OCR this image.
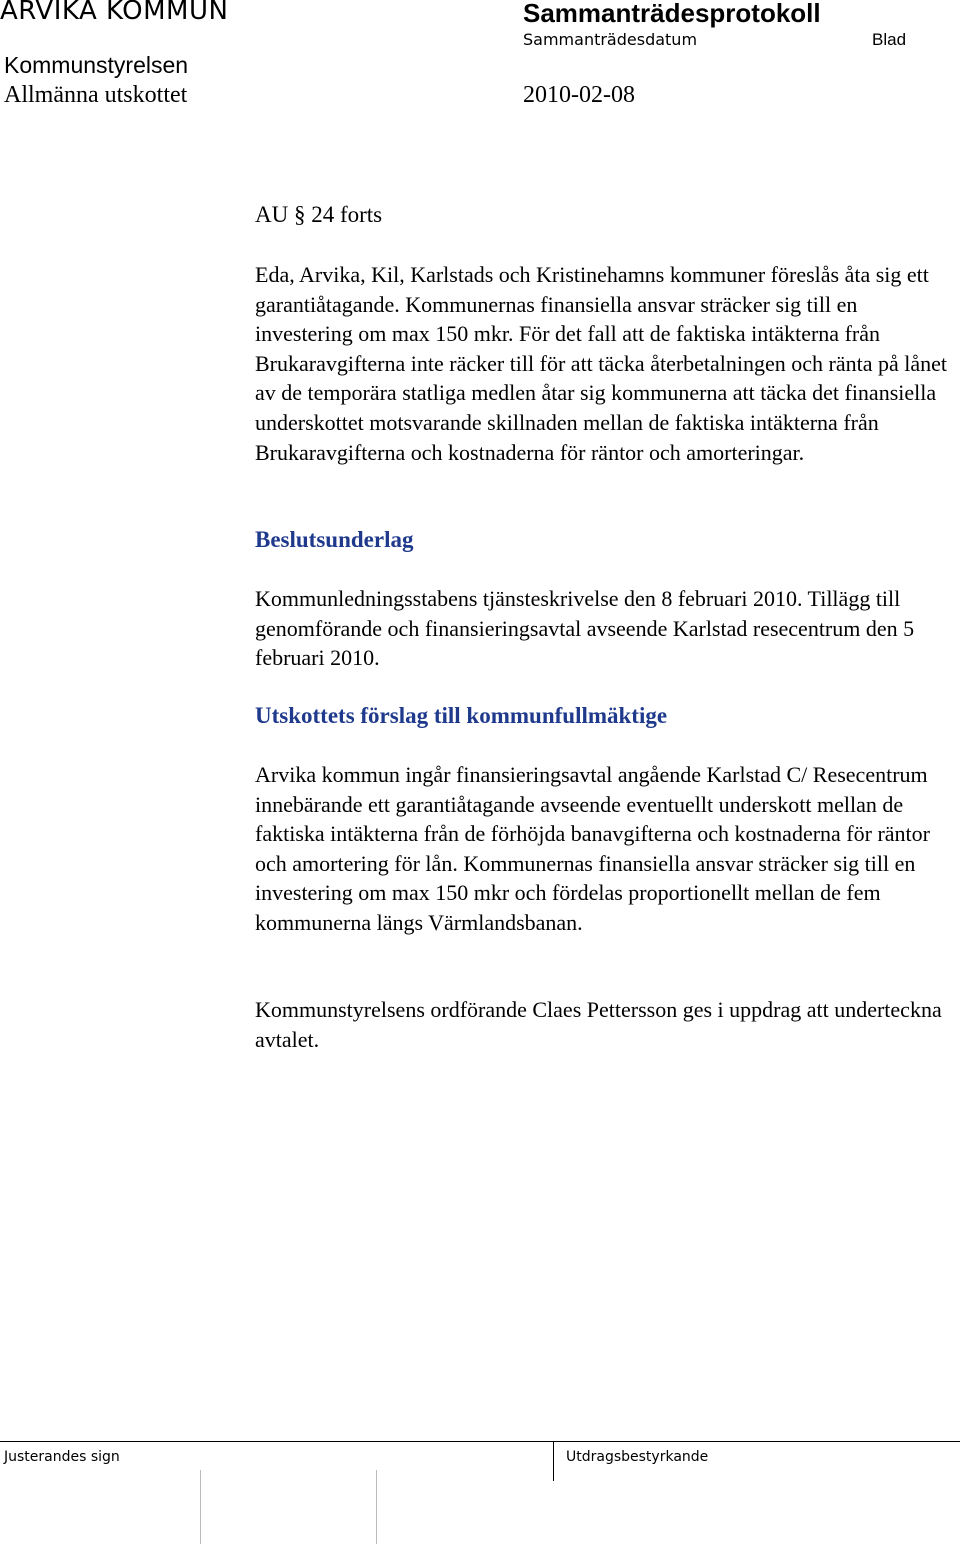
ARVIKA KOMMUN	Sammanträdesprotokoll
Sammanträdesdatum	Blad
Kommunstyrelsen
Allmänna utskottet	2010-02-08
AU § 24 forts

Eda, Arvika, Kil, Karlstads och Kristinehamns kommuner föreslås åta sig ett garantiåtagande. Kommunernas finansiella ansvar sträcker sig till en investering om max 150 mkr. För det fall att de faktiska intäkterna från Brukaravgifterna inte räcker till för att täcka återbetalningen och ränta på lånet av de temporära statliga medlen åtar sig kommunerna att täcka det finansiella underskottet motsvarande skillnaden mellan de faktiska intäkterna från Brukaravgifterna och kostnaderna för räntor och amorteringar.

Beslutsunderlag

Kommunledningsstabens tjänsteskrivelse den 8 februari 2010. Tillägg till genomförande och finansieringsavtal avseende Karlstad resecentrum den 5 februari 2010.

Utskottets förslag till kommunfullmäktige

Arvika kommun ingår finansieringsavtal angående Karlstad C/ Resecentrum innebärande ett garantiåtagande avseende eventuellt underskott mellan de faktiska intäkterna från de förhöjda banavgifterna och kostnaderna för räntor och amortering för lån. Kommunernas finansiella ansvar sträcker sig till en investering om max 150 mkr och fördelas proportionellt mellan de fem kommunerna längs Värmlandsbanan.

Kommunstyrelsens ordförande Claes Pettersson ges i uppdrag att underteckna avtalet.

Justerandes sign	Utdragsbestyrkande
